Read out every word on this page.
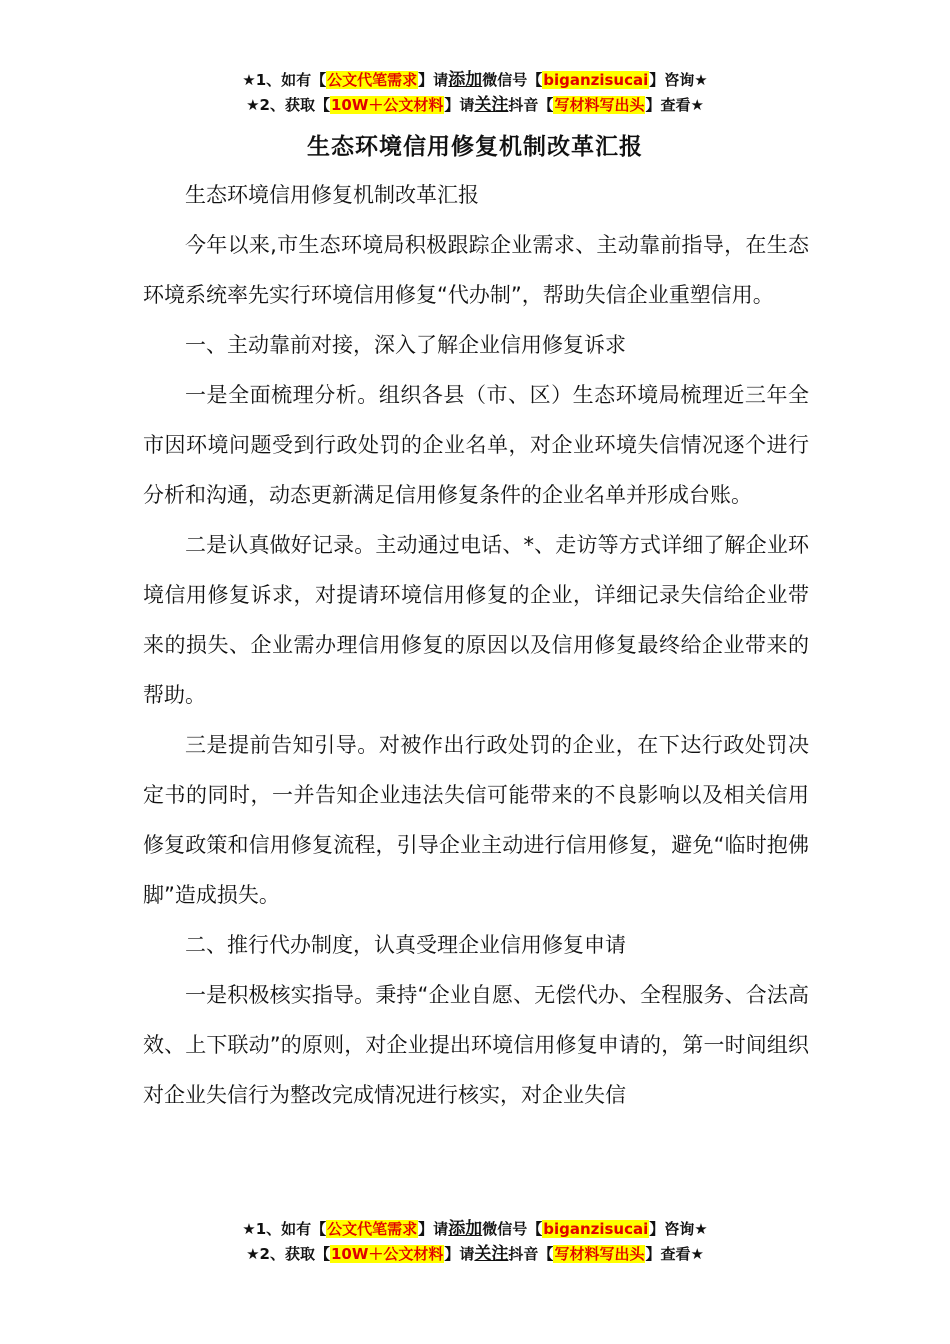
★1、如有【公文代笔需求】请添加微信号【biganzisucai】咨询★
★2、获取【10W＋公文材料】请关注抖音【写材料写出头】查看★
生态环境信用修复机制改革汇报

生态环境信用修复机制改革汇报

今年以来,市生态环境局积极跟踪企业需求、主动靠前指导，在生态环境系统率先实行环境信用修复“代办制”，帮助失信企业重塑信用。

一、主动靠前对接，深入了解企业信用修复诉求

一是全面梳理分析。组织各县（市、区）生态环境局梳理近三年全市因环境问题受到行政处罚的企业名单，对企业环境失信情况逐个进行分析和沟通，动态更新满足信用修复条件的企业名单并形成台账。

二是认真做好记录。主动通过电话、*、走访等方式详细了解企业环境信用修复诉求，对提请环境信用修复的企业，详细记录失信给企业带来的损失、企业需办理信用修复的原因以及信用修复最终给企业带来的帮助。

三是提前告知引导。对被作出行政处罚的企业，在下达行政处罚决定书的同时，一并告知企业违法失信可能带来的不良影响以及相关信用修复政策和信用修复流程，引导企业主动进行信用修复，避免“临时抱佛脚”造成损失。

二、推行代办制度，认真受理企业信用修复申请

一是积极核实指导。秉持“企业自愿、无偿代办、全程服务、合法高效、上下联动”的原则，对企业提出环境信用修复申请的，第一时间组织对企业失信行为整改完成情况进行核实，对企业失信

★1、如有【公文代笔需求】请添加微信号【biganzisucai】咨询★
★2、获取【10W＋公文材料】请关注抖音【写材料写出头】查看★
